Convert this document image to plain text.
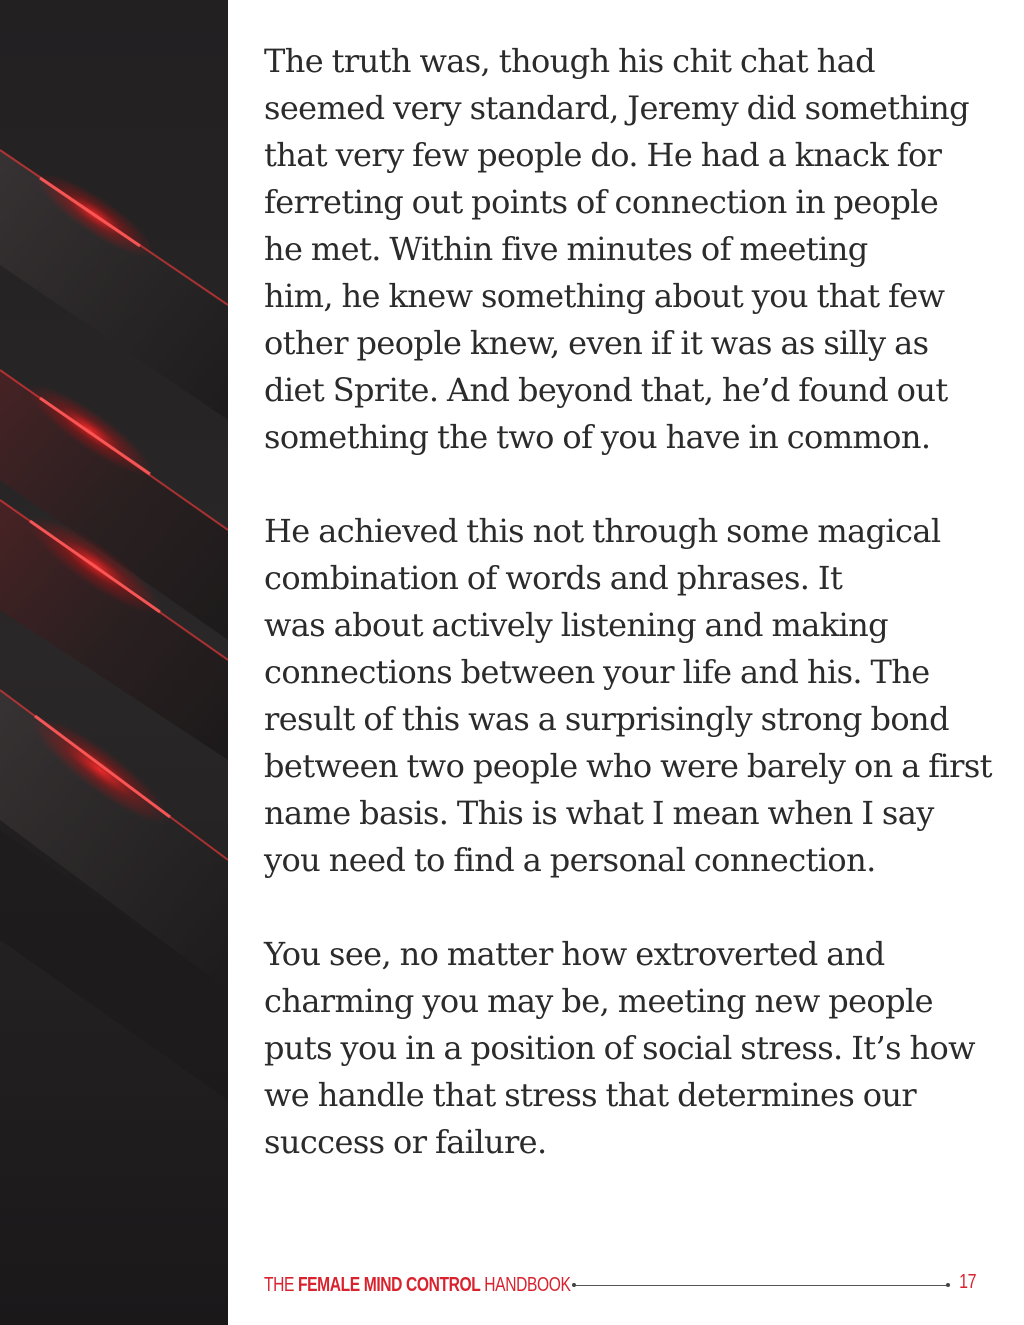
The truth was, though his chit chat had
seemed very standard, Jeremy did something
that very few people do. He had a knack for
ferreting out points of connection in people
he met. Within five minutes of meeting
him, he knew something about you that few
other people knew, even if it was as silly as
diet Sprite. And beyond that, he’d found out
something the two of you have in common.

He achieved this not through some magical
combination of words and phrases. It
was about actively listening and making
connections between your life and his. The
result of this was a surprisingly strong bond
between two people who were barely on a first
name basis. This is what I mean when I say
you need to find a personal connection.

You see, no matter how extroverted and
charming you may be, meeting new people
puts you in a position of social stress. It’s how
we handle that stress that determines our
success or failure.

THE FEMALE MIND CONTROL HANDBOOK	17
